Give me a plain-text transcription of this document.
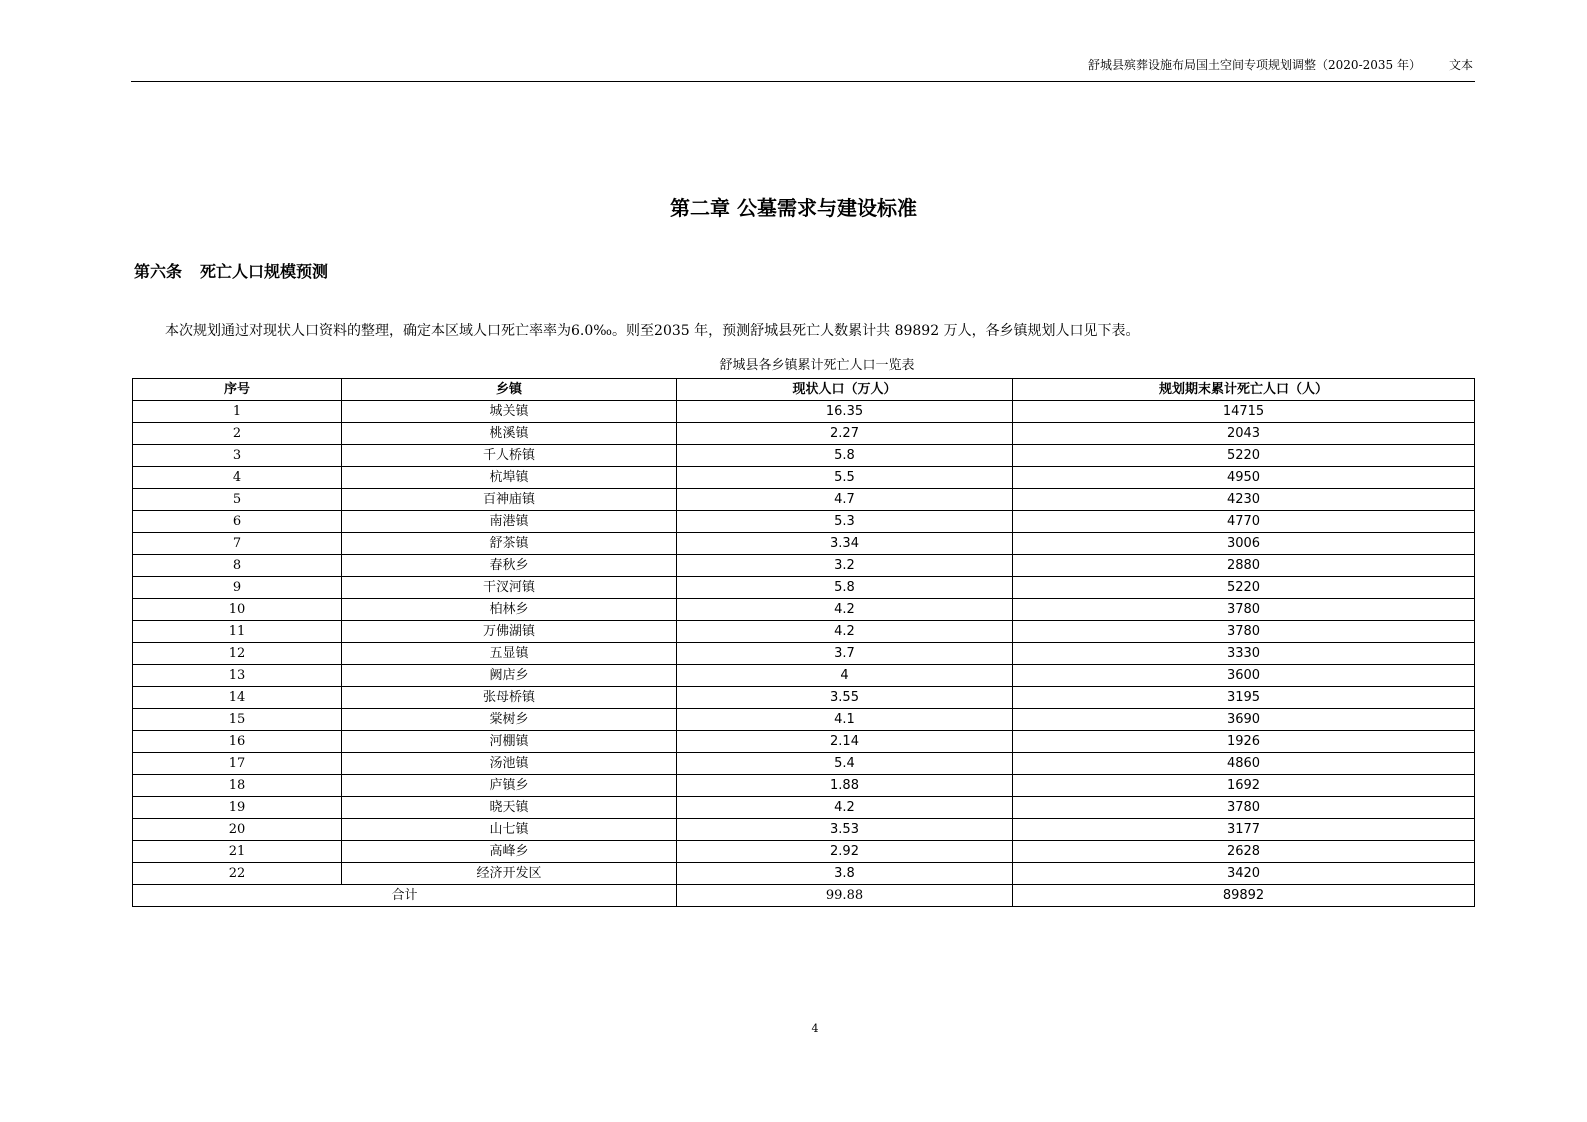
舒城县殡葬设施布局国土空间专项规划调整（2020-2035 年） 文本
第二章 公墓需求与建设标准
第六条 死亡人口规模预测
本次规划通过对现状人口资料的整理，确定本区域人口死亡率率为6.0‰。则至2035 年，预测舒城县死亡人数累计共 89892 万人，各乡镇规划人口见下表。
舒城县各乡镇累计死亡人口一览表
序号	乡镇	现状人口（万人）	规划期末累计死亡人口（人）
1	城关镇	16.35	14715
2	桃溪镇	2.27	2043
3	千人桥镇	5.8	5220
4	杭埠镇	5.5	4950
5	百神庙镇	4.7	4230
6	南港镇	5.3	4770
7	舒茶镇	3.34	3006
8	春秋乡	3.2	2880
9	干汊河镇	5.8	5220
10	柏林乡	4.2	3780
11	万佛湖镇	4.2	3780
12	五显镇	3.7	3330
13	阙店乡	4	3600
14	张母桥镇	3.55	3195
15	棠树乡	4.1	3690
16	河棚镇	2.14	1926
17	汤池镇	5.4	4860
18	庐镇乡	1.88	1692
19	晓天镇	4.2	3780
20	山七镇	3.53	3177
21	高峰乡	2.92	2628
22	经济开发区	3.8	3420
合计		99.88	89892
4
